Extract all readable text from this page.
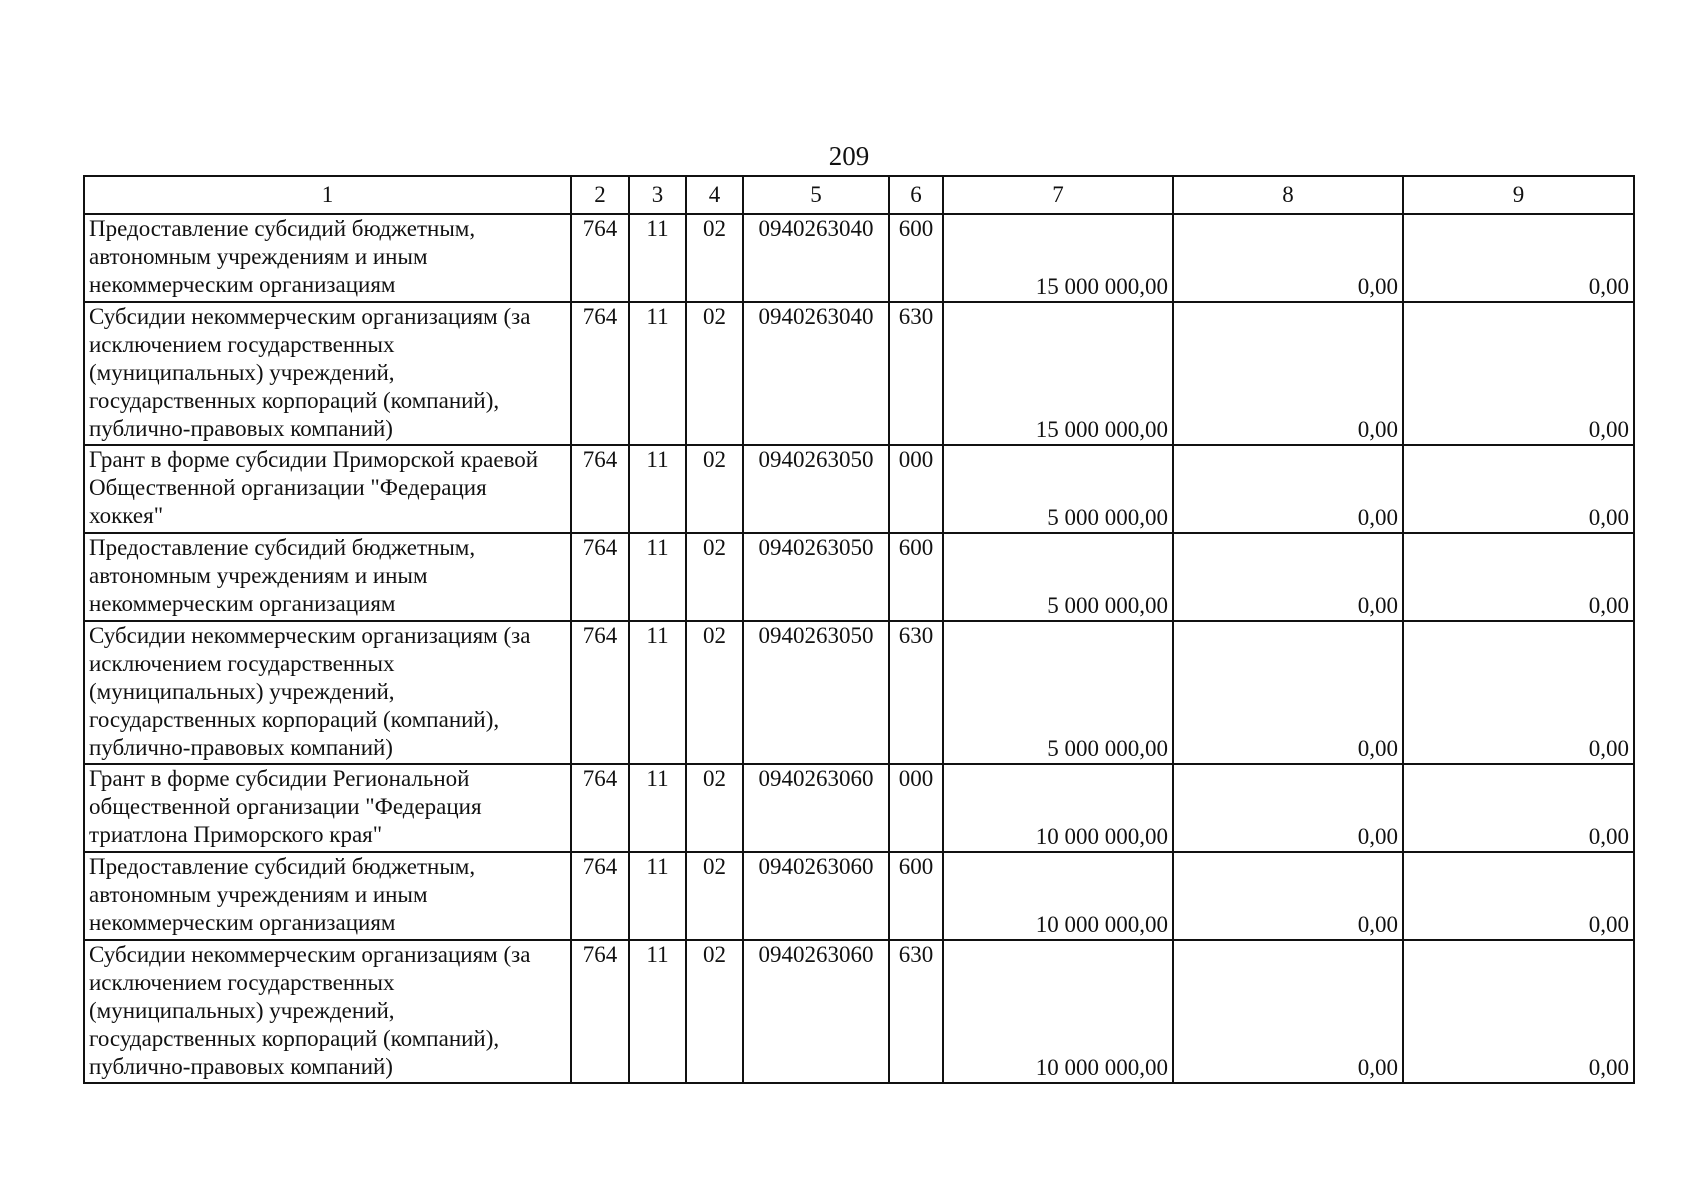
209
1	2	3	4	5	6	7	8	9
Предоставление субсидий бюджетным, автономным учреждениям и иным некоммерческим организациям	764	11	02	0940263040	600	15 000 000,00	0,00	0,00
Субсидии некоммерческим организациям (за исключением государственных (муниципальных) учреждений, государственных корпораций (компаний), публично-правовых компаний)	764	11	02	0940263040	630	15 000 000,00	0,00	0,00
Грант в форме субсидии Приморской краевой Общественной организации "Федерация хоккея"	764	11	02	0940263050	000	5 000 000,00	0,00	0,00
Предоставление субсидий бюджетным, автономным учреждениям и иным некоммерческим организациям	764	11	02	0940263050	600	5 000 000,00	0,00	0,00
Субсидии некоммерческим организациям (за исключением государственных (муниципальных) учреждений, государственных корпораций (компаний), публично-правовых компаний)	764	11	02	0940263050	630	5 000 000,00	0,00	0,00
Грант в форме субсидии Региональной общественной организации "Федерация триатлона Приморского края"	764	11	02	0940263060	000	10 000 000,00	0,00	0,00
Предоставление субсидий бюджетным, автономным учреждениям и иным некоммерческим организациям	764	11	02	0940263060	600	10 000 000,00	0,00	0,00
Субсидии некоммерческим организациям (за исключением государственных (муниципальных) учреждений, государственных корпораций (компаний), публично-правовых компаний)	764	11	02	0940263060	630	10 000 000,00	0,00	0,00
